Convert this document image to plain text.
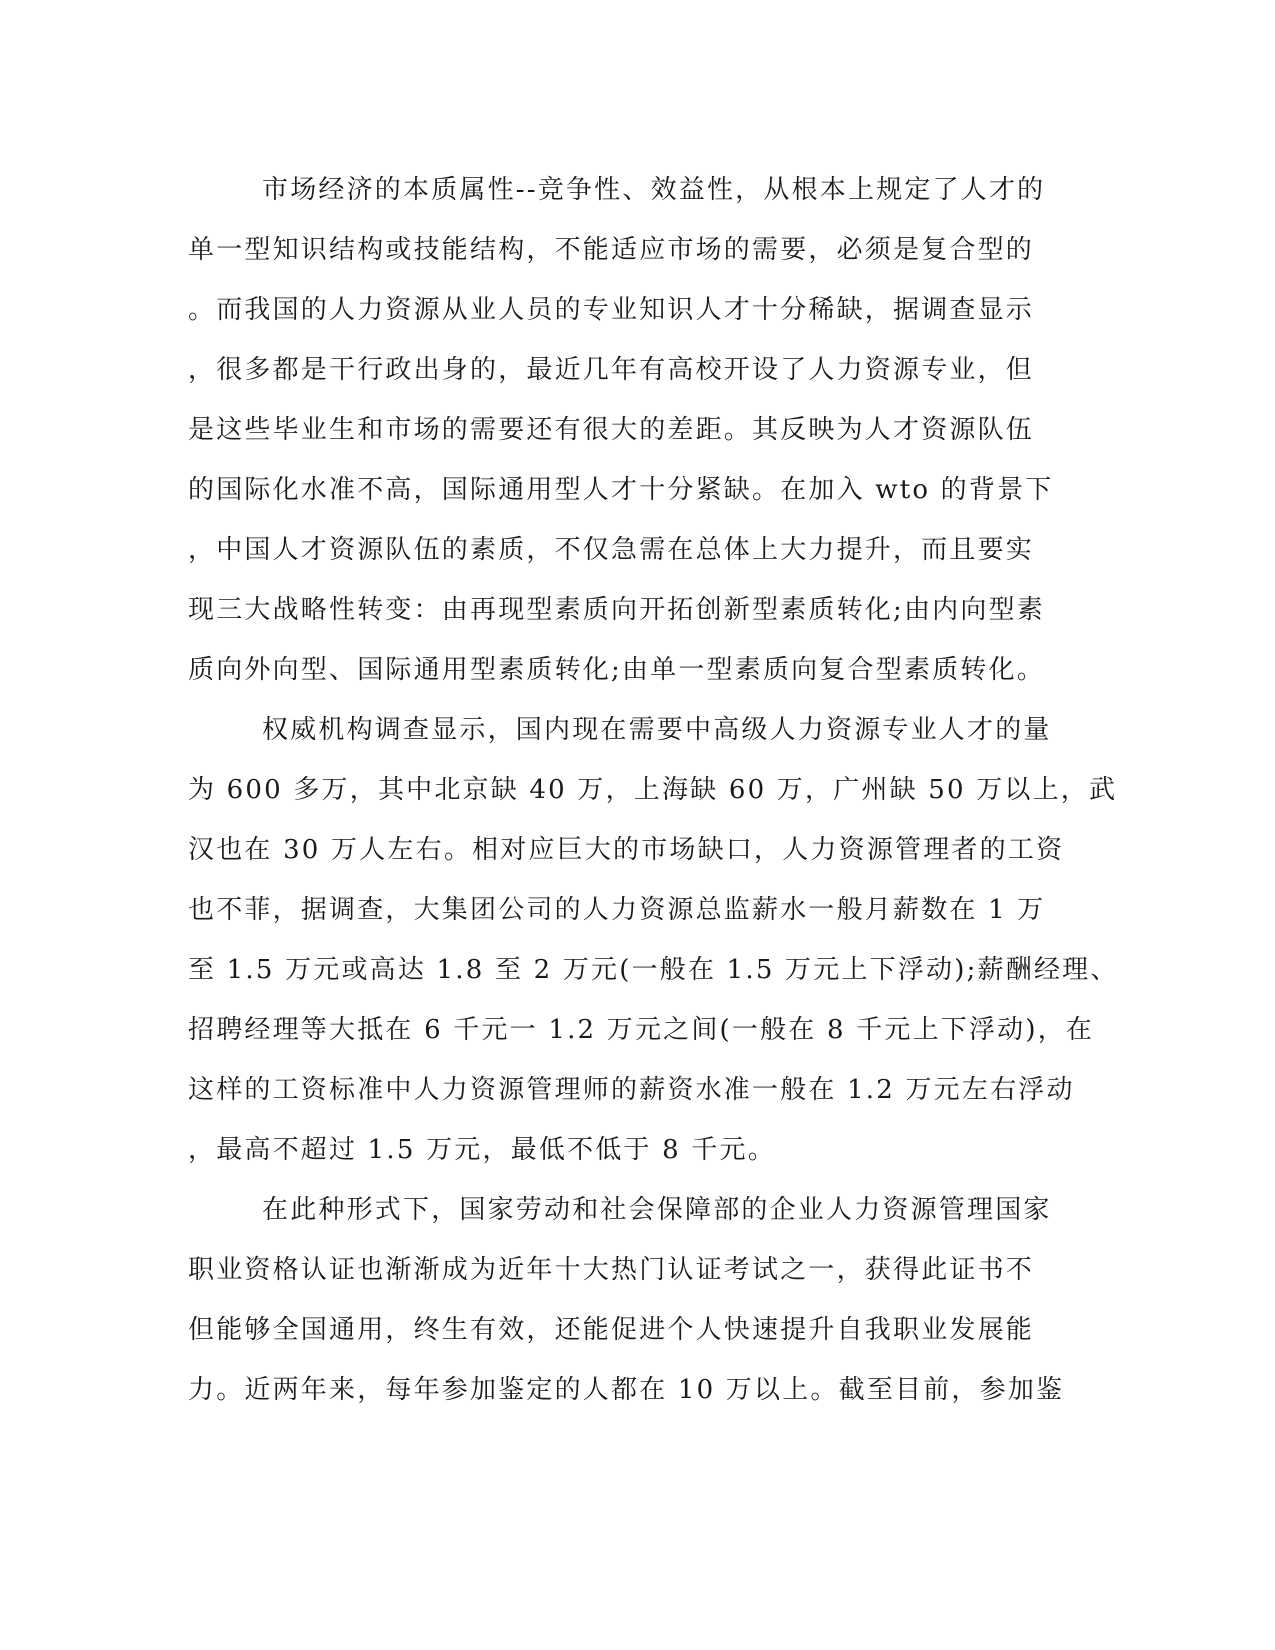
市场经济的本质属性--竞争性、效益性，从根本上规定了人才的
单一型知识结构或技能结构，不能适应市场的需要，必须是复合型的
。而我国的人力资源从业人员的专业知识人才十分稀缺，据调查显示
，很多都是干行政出身的，最近几年有高校开设了人力资源专业，但
是这些毕业生和市场的需要还有很大的差距。其反映为人才资源队伍
的国际化水准不高，国际通用型人才十分紧缺。在加入 wto 的背景下
，中国人才资源队伍的素质，不仅急需在总体上大力提升，而且要实
现三大战略性转变：由再现型素质向开拓创新型素质转化;由内向型素
质向外向型、国际通用型素质转化;由单一型素质向复合型素质转化。
权威机构调查显示，国内现在需要中高级人力资源专业人才的量
为 600 多万，其中北京缺 40 万，上海缺 60 万，广州缺 50 万以上，武
汉也在 30 万人左右。相对应巨大的市场缺口，人力资源管理者的工资
也不菲，据调查，大集团公司的人力资源总监薪水一般月薪数在 1 万
至 1.5 万元或高达 1.8 至 2 万元(一般在 1.5 万元上下浮动);薪酬经理、
招聘经理等大抵在 6 千元一 1.2 万元之间(一般在 8 千元上下浮动)，在
这样的工资标准中人力资源管理师的薪资水准一般在 1.2 万元左右浮动
，最高不超过 1.5 万元，最低不低于 8 千元。
在此种形式下，国家劳动和社会保障部的企业人力资源管理国家
职业资格认证也渐渐成为近年十大热门认证考试之一，获得此证书不
但能够全国通用，终生有效，还能促进个人快速提升自我职业发展能
力。近两年来，每年参加鉴定的人都在 10 万以上。截至目前，参加鉴
